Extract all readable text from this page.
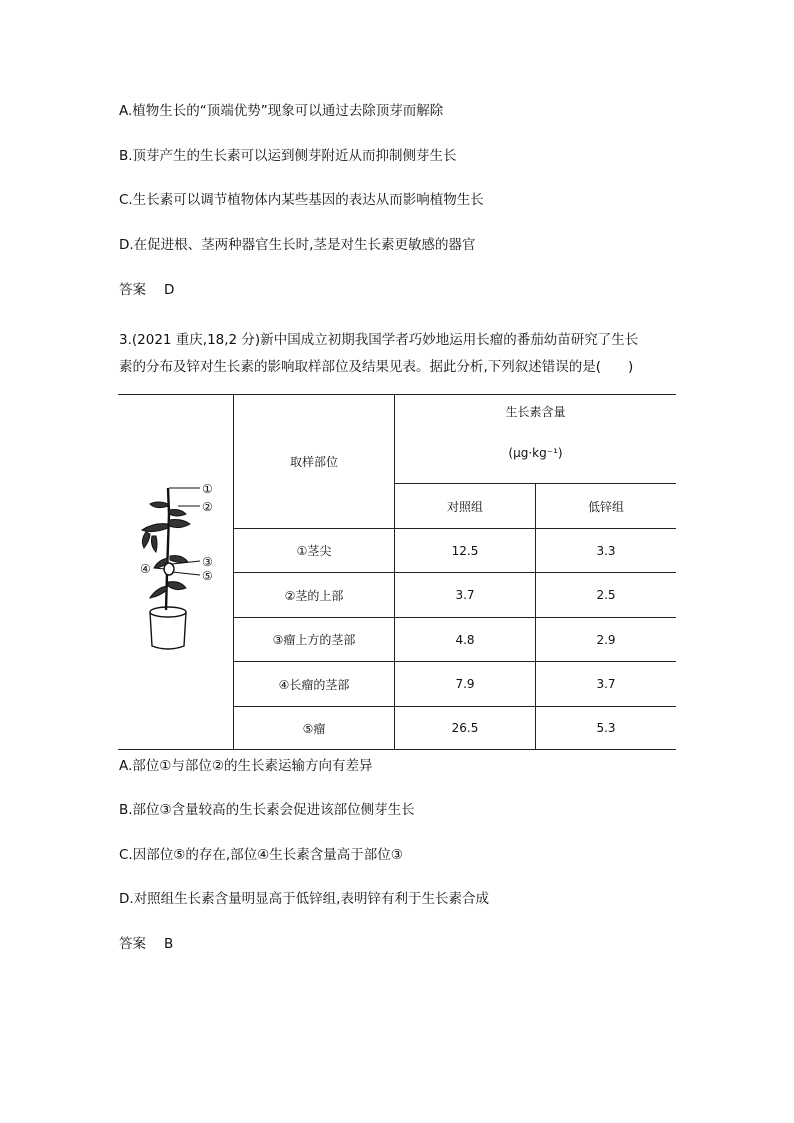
A.植物生长的“顶端优势”现象可以通过去除顶芽而解除
B.顶芽产生的生长素可以运到侧芽附近从而抑制侧芽生长
C.生长素可以调节植物体内某些基因的表达从而影响植物生长
D.在促进根、茎两种器官生长时,茎是对生长素更敏感的器官
答案 D
3.(2021 重庆,18,2 分)新中国成立初期我国学者巧妙地运用长瘤的番茄幼苗研究了生长
素的分布及锌对生长素的影响取样部位及结果见表。据此分析,下列叙述错误的是(　　)
取样部位
生长素含量
(μg·kg⁻¹)
对照组	低锌组
①茎尖	12.5	3.3
②茎的上部	3.7	2.5
③瘤上方的茎部	4.8	2.9
④长瘤的茎部	7.9	3.7
⑤瘤	26.5	5.3
①
②
③
④	⑤
A.部位①与部位②的生长素运输方向有差异
B.部位③含量较高的生长素会促进该部位侧芽生长
C.因部位⑤的存在,部位④生长素含量高于部位③
D.对照组生长素含量明显高于低锌组,表明锌有利于生长素合成
答案 B
